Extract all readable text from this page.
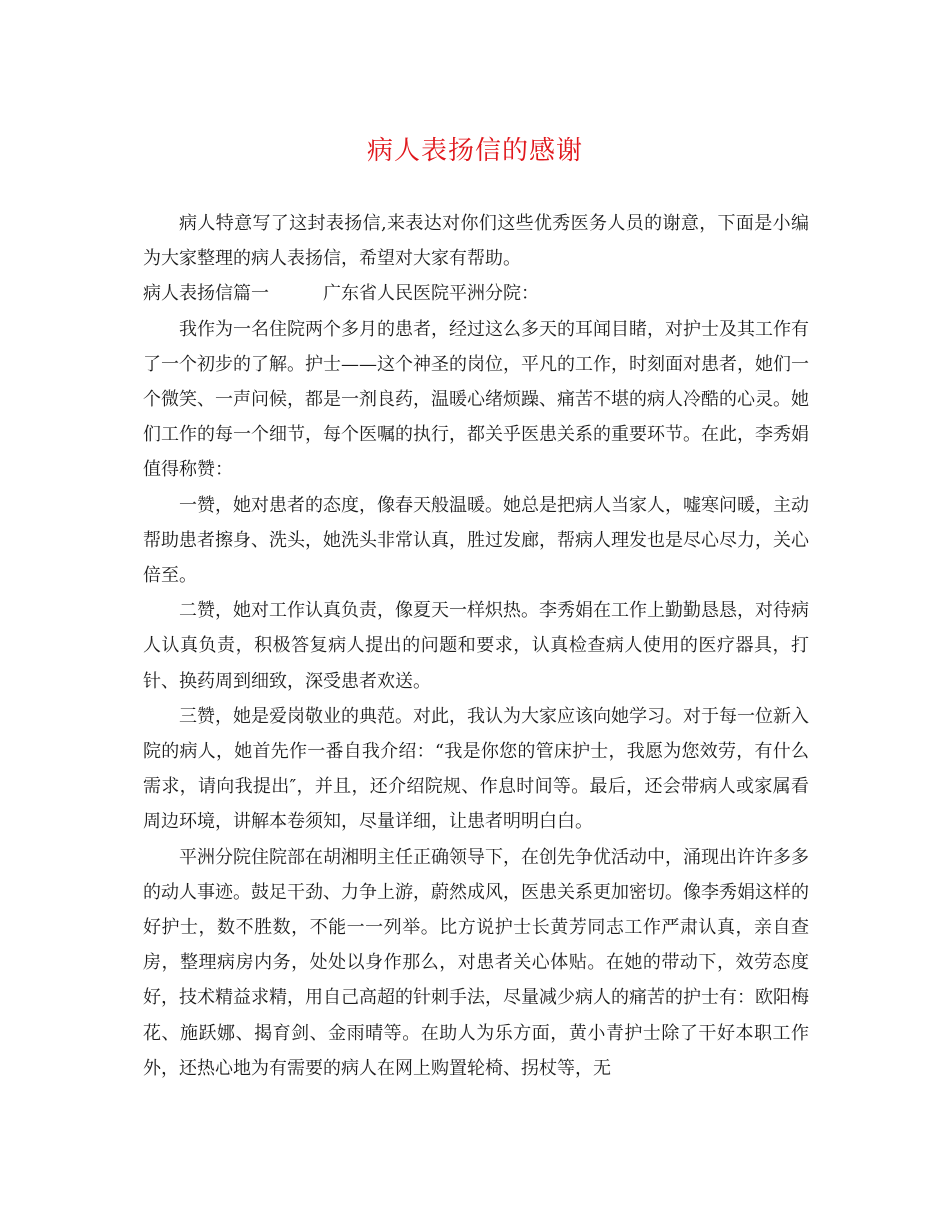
病人表扬信的感谢

病人特意写了这封表扬信,来表达对你们这些优秀医务人员的谢意，下面是小编为大家整理的病人表扬信，希望对大家有帮助。

病人表扬信篇一	广东省人民医院平洲分院：

我作为一名住院两个多月的患者，经过这么多天的耳闻目睹，对护士及其工作有了一个初步的了解。护士——这个神圣的岗位，平凡的工作，时刻面对患者，她们一个微笑、一声问候，都是一剂良药，温暖心绪烦躁、痛苦不堪的病人冷酷的心灵。她们工作的每一个细节，每个医嘱的执行，都关乎医患关系的重要环节。在此，李秀娟值得称赞：

一赞，她对患者的态度，像春天般温暖。她总是把病人当家人，嘘寒问暖，主动帮助患者擦身、洗头，她洗头非常认真，胜过发廊，帮病人理发也是尽心尽力，关心倍至。

二赞，她对工作认真负责，像夏天一样炽热。李秀娟在工作上勤勤恳恳，对待病人认真负责，积极答复病人提出的问题和要求，认真检查病人使用的医疗器具，打针、换药周到细致，深受患者欢送。

三赞，她是爱岗敬业的典范。对此，我认为大家应该向她学习。对于每一位新入院的病人，她首先作一番自我介绍：“我是你您的管床护士，我愿为您效劳，有什么需求，请向我提出″，并且，还介绍院规、作息时间等。最后，还会带病人或家属看周边环境，讲解本卷须知，尽量详细，让患者明明白白。

平洲分院住院部在胡湘明主任正确领导下，在创先争优活动中，涌现出许许多多的动人事迹。鼓足干劲、力争上游，蔚然成风，医患关系更加密切。像李秀娟这样的好护士，数不胜数，不能一一列举。比方说护士长黄芳同志工作严肃认真，亲自查房，整理病房内务，处处以身作那么，对患者关心体贴。在她的带动下，效劳态度好，技术精益求精，用自己高超的针刺手法，尽量减少病人的痛苦的护士有：欧阳梅花、施跃娜、揭育剑、金雨晴等。在助人为乐方面，黄小青护士除了干好本职工作外，还热心地为有需要的病人在网上购置轮椅、拐杖等，无
